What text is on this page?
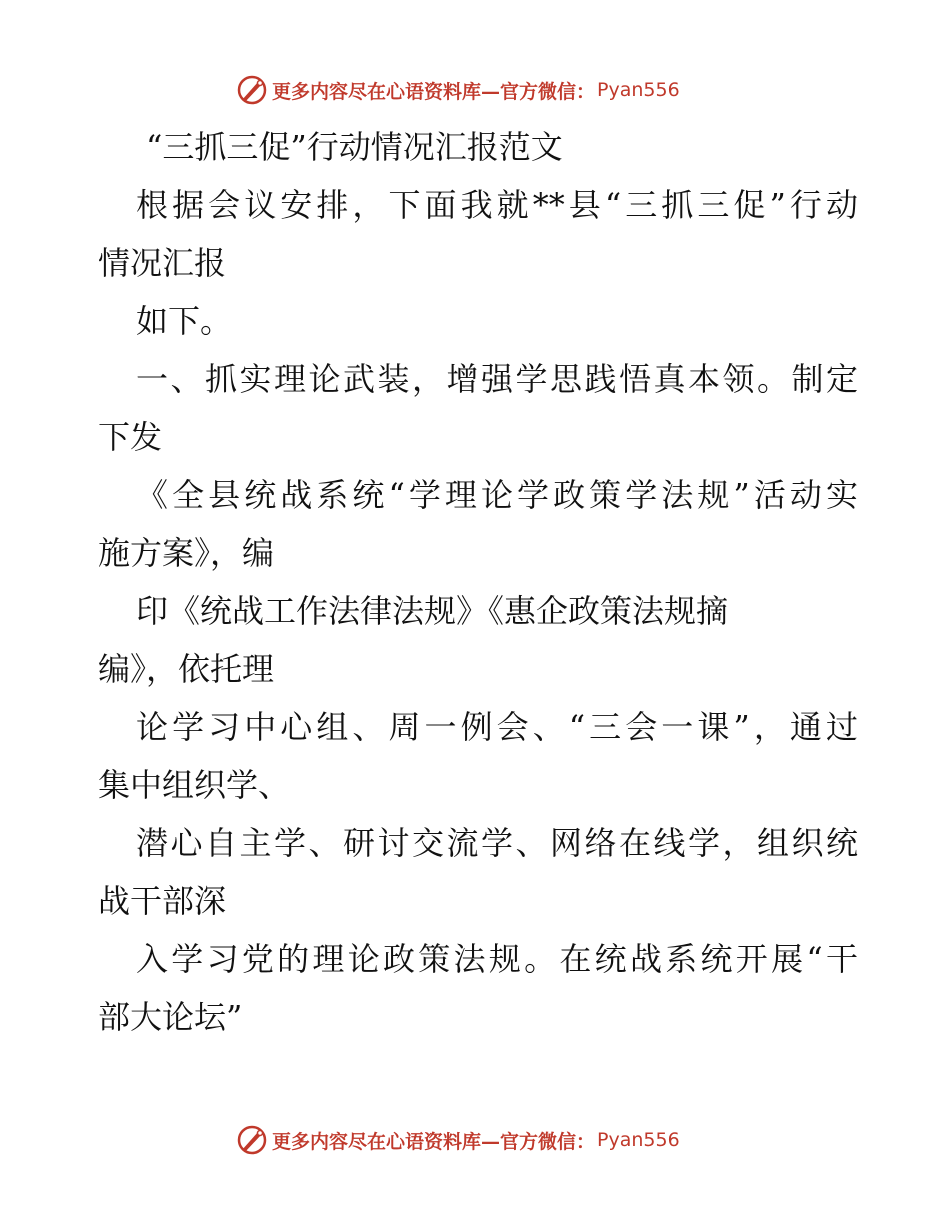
更多内容尽在心语资料库—官方微信： Pyan556
“三抓三促”行动情况汇报范文
根据会议安排，下面我就**县“三抓三促”行动
情况汇报
如下。
一、抓实理论武装，增强学思践悟真本领。制定
下发
《全县统战系统“学理论学政策学法规”活动实
施方案》，编
印《统战工作法律法规》《惠企政策法规摘
编》，依托理
论学习中心组、周一例会、“三会一课”，通过
集中组织学、
潜心自主学、研讨交流学、网络在线学，组织统
战干部深
入学习党的理论政策法规。在统战系统开展“干
部大论坛”
更多内容尽在心语资料库—官方微信： Pyan556
